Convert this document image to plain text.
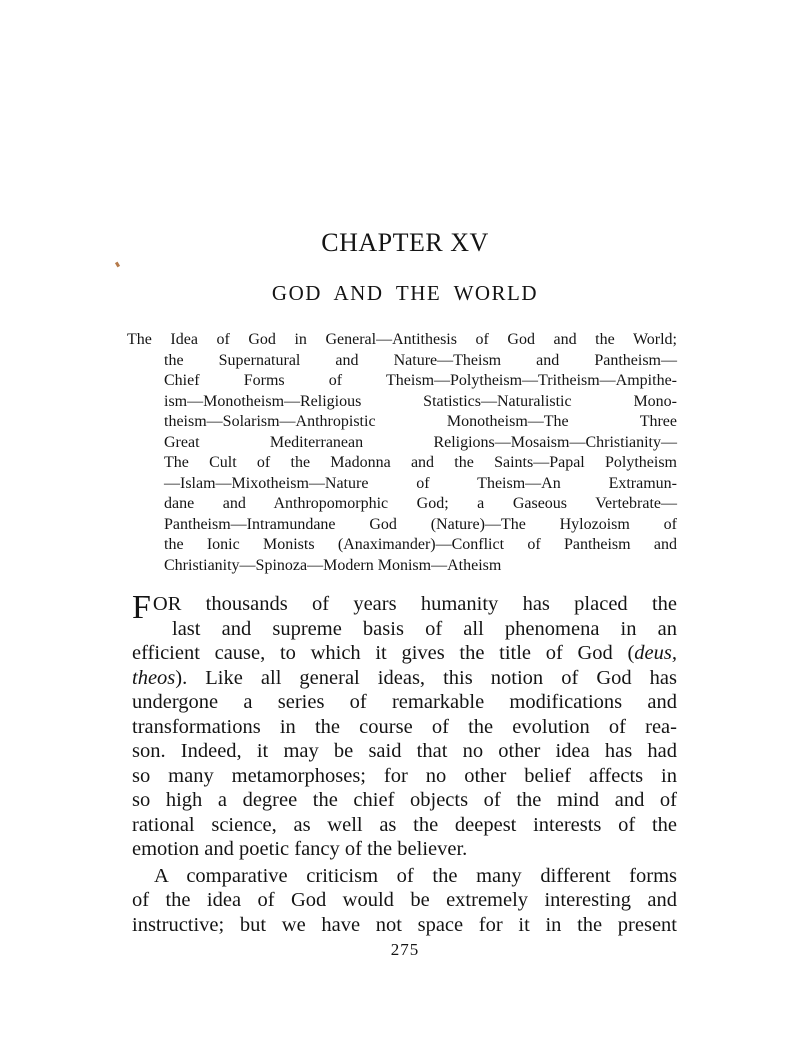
CHAPTER XV
GOD AND THE WORLD
The Idea of God in General—Antithesis of God and the World;
the Supernatural and Nature—Theism and Pantheism—
Chief Forms of Theism—Polytheism—Tritheism—Ampithe-
ism—Monotheism—Religious Statistics—Naturalistic Mono-
theism—Solarism—Anthropistic Monotheism—The Three
Great Mediterranean Religions—Mosaism—Christianity—
The Cult of the Madonna and the Saints—Papal Polytheism
—Islam—Mixotheism—Nature of Theism—An Extramun-
dane and Anthropomorphic God; a Gaseous Vertebrate—
Pantheism—Intramundane God (Nature)—The Hylozoism of
the Ionic Monists (Anaximander)—Conflict of Pantheism and
Christianity—Spinoza—Modern Monism—Atheism
F OR thousands of years humanity has placed the
last and supreme basis of all phenomena in an
efficient cause, to which it gives the title of God (deus,
theos). Like all general ideas, this notion of God has
undergone a series of remarkable modifications and
transformations in the course of the evolution of rea-
son. Indeed, it may be said that no other idea has had
so many metamorphoses; for no other belief affects in
so high a degree the chief objects of the mind and of
rational science, as well as the deepest interests of the
emotion and poetic fancy of the believer.
A comparative criticism of the many different forms
of the idea of God would be extremely interesting and
instructive; but we have not space for it in the present
275
